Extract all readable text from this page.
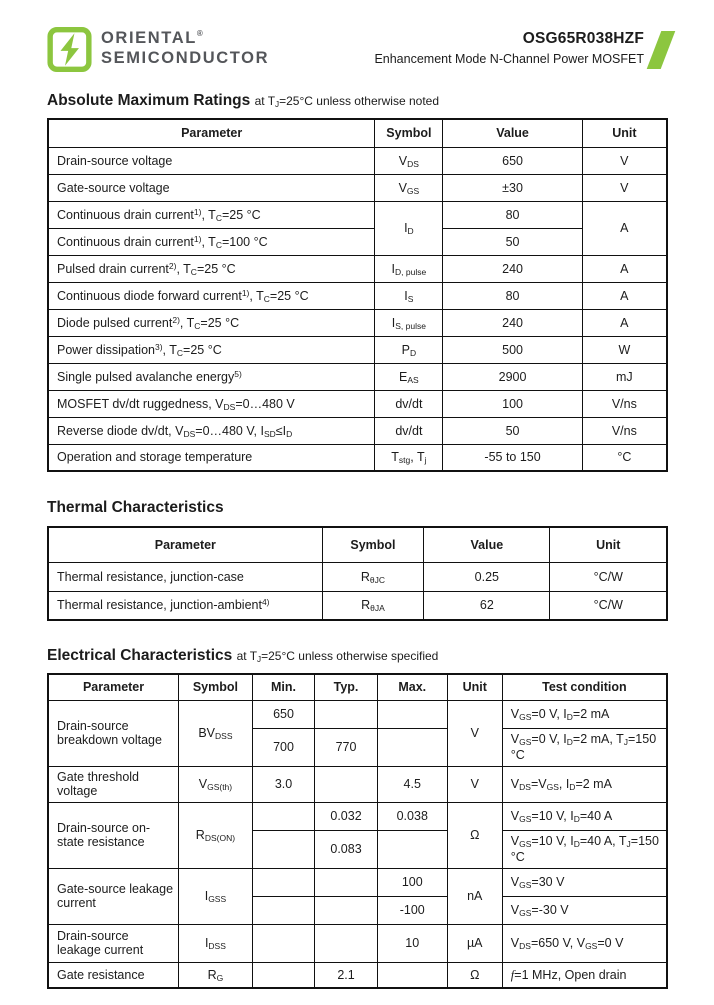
ORIENTAL®
SEMICONDUCTOR
OSG65R038HZF
Enhancement Mode N-Channel Power MOSFET
Absolute Maximum Ratings at $T_J=25^\circ C$ unless otherwise noted
Parameter	Symbol	Value	Unit
Drain-source voltage	$V_{DS}$	650	V
Gate-source voltage	$V_{GS}$	±30	V
Continuous drain current$^{1)}$, $T_C=25$ °C	$I_D$	80	A
Continuous drain current$^{1)}$, $T_C=100$ °C		50	
Pulsed drain current$^{2)}$, $T_C=25$ °C	$I_{D, pulse}$	240	A
Continuous diode forward current$^{1)}$, $T_C=25$ °C	$I_S$	80	A
Diode pulsed current$^{2)}$, $T_C=25$ °C	$I_{S, pulse}$	240	A
Power dissipation$^{3)}$, $T_C=25$ °C	$P_D$	500	W
Single pulsed avalanche energy$^{5)}$	$E_{AS}$	2900	mJ
MOSFET dv/dt ruggedness, $V_{DS}=0\dots 480$ V	dv/dt	100	V/ns
Reverse diode dv/dt, $V_{DS}=0\dots 480$ V, $I_{SD}\le I_D$	dv/dt	50	V/ns
Operation and storage temperature	$T_{stg}$, $T_j$	-55 to 150	°C
Thermal Characteristics
Parameter	Symbol	Value	Unit
Thermal resistance, junction-case	$R_{\theta JC}$	0.25	°C/W
Thermal resistance, junction-ambient$^{4)}$	$R_{\theta JA}$	62	°C/W
Electrical Characteristics at $T_J=25^\circ C$ unless otherwise specified
Parameter	Symbol	Min.	Typ.	Max.	Unit	Test condition
Drain-source breakdown voltage	$BV_{DSS}$	650			V	$V_{GS}=0$ V, $I_D=2$ mA
		700	770			$V_{GS}=0$ V, $I_D=2$ mA, $T_J=150$ °C
Gate threshold voltage	$V_{GS(th)}$	3.0		4.5	V	$V_{DS}=V_{GS}$, $I_D=2$ mA
Drain-source on-state resistance	$R_{DS(ON)}$		0.032	0.038	Ω	$V_{GS}=10$ V, $I_D=40$ A
			0.083			$V_{GS}=10$ V, $I_D=40$ A, $T_J=150$ °C
Gate-source leakage current	$I_{GSS}$			100	nA	$V_{GS}=30$ V
				-100		$V_{GS}=-30$ V
Drain-source leakage current	$I_{DSS}$			10	µA	$V_{DS}=650$ V, $V_{GS}=0$ V
Gate resistance	$R_G$		2.1		Ω	f=1 MHz, Open drain
